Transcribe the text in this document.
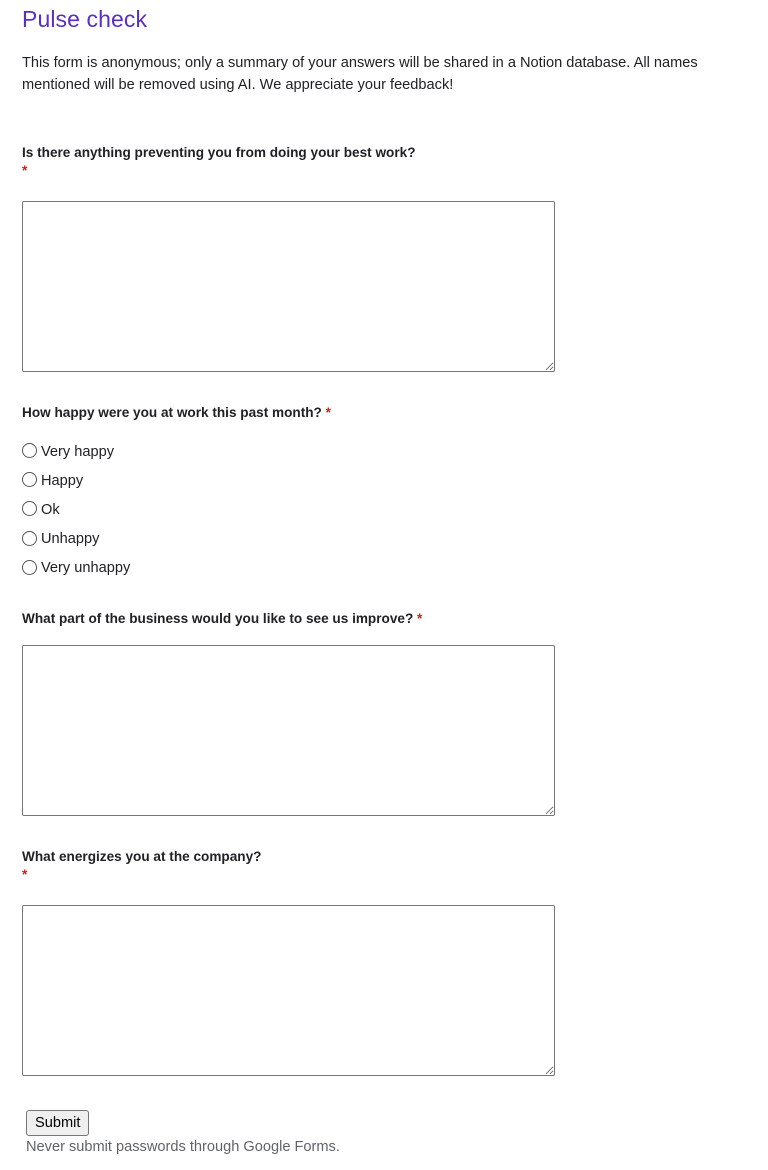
Pulse check

This form is anonymous; only a summary of your answers will be shared in a Notion database. All names mentioned will be removed using AI. We appreciate your feedback!

Is there anything preventing you from doing your best work?
*
How happy were you at work this past month? *
Very happy
Happy
Ok
Unhappy
Very unhappy
What part of the business would you like to see us improve? *
What energizes you at the company?
*
Submit

Never submit passwords through Google Forms.
